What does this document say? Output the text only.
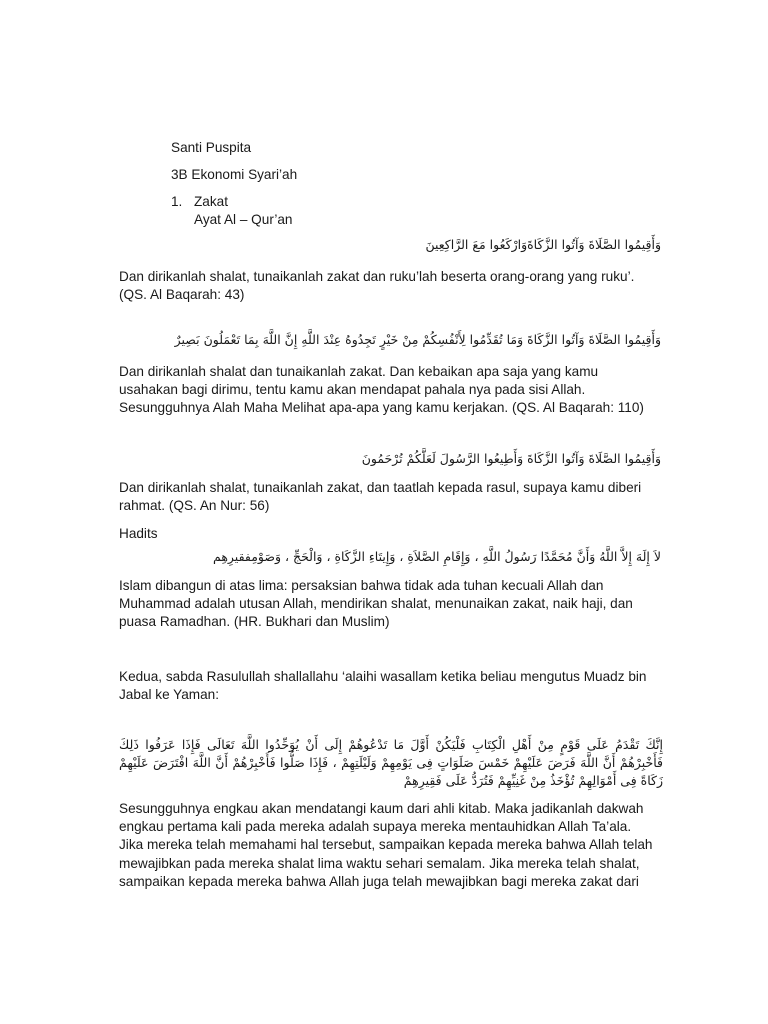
Santi Puspita
3B Ekonomi Syari’ah
1. Zakat
Ayat Al – Qur’an
وَأَقِيمُوا الصَّلَاةَ وَآتُوا الزَّكَاةَوَارْكَعُوا مَعَ الرَّاكِعِينَ
Dan dirikanlah shalat, tunaikanlah zakat dan ruku’lah beserta orang-orang yang ruku’. (QS. Al Baqarah: 43)
وَأَقِيمُوا الصَّلَاةَ وَآتُوا الزَّكَاةَ وَمَا تُقَدِّمُوا لِأَنْفُسِكُمْ مِنْ خَيْرٍ تَجِدُوهُ عِنْدَ اللَّهِ إِنَّ اللَّهَ بِمَا تَعْمَلُونَ بَصِيرٌ
Dan dirikanlah shalat dan tunaikanlah zakat. Dan kebaikan apa saja yang kamu usahakan bagi dirimu, tentu kamu akan mendapat pahala nya pada sisi Allah. Sesungguhnya Alah Maha Melihat apa-apa yang kamu kerjakan. (QS. Al Baqarah: 110)
وَأَقِيمُوا الصَّلَاةَ وَآتُوا الزَّكَاةَ وَأَطِيعُوا الرَّسُولَ لَعَلَّكُمْ تُرْحَمُونَ
Dan dirikanlah shalat, tunaikanlah zakat, dan taatlah kepada rasul, supaya kamu diberi rahmat. (QS. An Nur: 56)
Hadits
لاَ إِلَهَ إِلاَّ اللَّهُ وَأَنَّ مُحَمَّدًا رَسُولُ اللَّهِ ، وَإِقَامِ الصَّلاَةِ ، وَإِيتَاءِ الزَّكَاةِ ، وَالْحَجِّ ، وَصَوْمِفقيرِهِم
Islam dibangun di atas lima: persaksian bahwa tidak ada tuhan kecuali Allah dan Muhammad adalah utusan Allah, mendirikan shalat, menunaikan zakat, naik haji, dan puasa Ramadhan. (HR. Bukhari dan Muslim)
Kedua, sabda Rasulullah shallallahu ‘alaihi wasallam ketika beliau mengutus Muadz bin Jabal ke Yaman:
إِنَّكَ تَقْدَمُ عَلَى قَوْمٍ مِنْ أَهْلِ الْكِتَابِ فَلْيَكُنْ أَوَّلَ مَا تَدْعُوهُمْ إِلَى أَنْ يُوَحِّدُوا اللَّهَ تَعَالَى فَإِذَا عَرَفُوا ذَلِكَ فَأَخْبِرْهُمْ أَنَّ اللَّهَ فَرَضَ عَلَيْهِمْ خَمْسَ صَلَوَاتٍ فِى يَوْمِهِمْ وَلَيْلَتِهِمْ ، فَإِذَا صَلُّوا فَأَخْبِرْهُمْ أَنَّ اللَّهَ افْتَرَضَ عَلَيْهِمْ زَكَاةً فِى أَمْوَالِهِمْ تُؤْخَذُ مِنْ غَنِيِّهِمْ فَتُرَدُّ عَلَى فَقِيرِهِمْ
Sesungguhnya engkau akan mendatangi kaum dari ahli kitab. Maka jadikanlah dakwah engkau pertama kali pada mereka adalah supaya mereka mentauhidkan Allah Ta’ala. Jika mereka telah memahami hal tersebut, sampaikan kepada mereka bahwa Allah telah mewajibkan pada mereka shalat lima waktu sehari semalam. Jika mereka telah shalat, sampaikan kepada mereka bahwa Allah juga telah mewajibkan bagi mereka zakat dari
